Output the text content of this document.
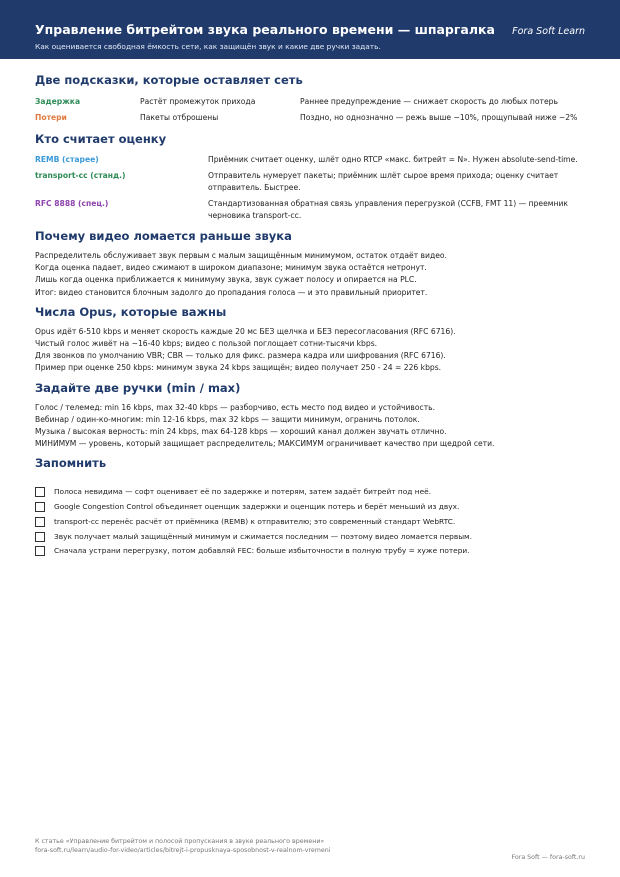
Управление битрейтом звука реального времени — шпаргалка
Как оценивается свободная ёмкость сети, как защищён звук и какие две ручки задать.
Fora Soft Learn
Две подсказки, которые оставляет сеть
Задержка	Растёт промежуток прихода	Раннее предупреждение — снижает скорость до любых потерь
Потери	Пакеты отброшены	Поздно, но однозначно — режь выше ~10%, прощупывай ниже ~2%
Кто считает оценку
REMB (старее)	Приёмник считает оценку, шлёт одно RTCP «макс. битрейт = N». Нужен absolute-send-time.
transport-cc (станд.)	Отправитель нумерует пакеты; приёмник шлёт сырое время прихода; оценку считает отправитель. Быстрее.
RFC 8888 (спец.)	Стандартизованная обратная связь управления перегрузкой (CCFB, FMT 11) — преемник черновика transport-cc.
Почему видео ломается раньше звука

Распределитель обслуживает звук первым с малым защищённым минимумом, остаток отдаёт видео.

Когда оценка падает, видео сжимают в широком диапазоне; минимум звука остаётся нетронут.

Лишь когда оценка приближается к минимуму звука, звук сужает полосу и опирается на PLC.

Итог: видео становится блочным задолго до пропадания голоса — и это правильный приоритет.

Числа Opus, которые важны

Opus идёт 6-510 kbps и меняет скорость каждые 20 мс БЕЗ щелчка и БЕЗ пересогласования (RFC 6716).

Чистый голос живёт на ~16-40 kbps; видео с пользой поглощает сотни-тысячи kbps.

Для звонков по умолчанию VBR; CBR — только для фикс. размера кадра или шифрования (RFC 6716).

Пример при оценке 250 kbps: минимум звука 24 kbps защищён; видео получает 250 - 24 = 226 kbps.

Задайте две ручки (min / max)

Голос / телемед: min 16 kbps, max 32-40 kbps — разборчиво, есть место под видео и устойчивость.

Вебинар / один-ко-многим: min 12-16 kbps, max 32 kbps — защити минимум, ограничь потолок.

Музыка / высокая верность: min 24 kbps, max 64-128 kbps — хороший канал должен звучать отлично.

МИНИМУМ — уровень, который защищает распределитель; МАКСИМУМ ограничивает качество при щедрой сети.

Запомнить
Полоса невидима — софт оценивает её по задержке и потерям, затем задаёт битрейт под неё.
Google Congestion Control объединяет оценщик задержки и оценщик потерь и берёт меньший из двух.
transport-cc перенёс расчёт от приёмника (REMB) к отправителю; это современный стандарт WebRTC.
Звук получает малый защищённый минимум и сжимается последним — поэтому видео ломается первым.
Сначала устрани перегрузку, потом добавляй FEC: больше избыточности в полную трубу = хуже потери.
К статье «Управление битрейтом и полосой пропускания в звуке реального времени»
fora-soft.ru/learn/audio-for-video/articles/bitrejt-i-propusknaya-sposobnost-v-realnom-vremeni
Fora Soft — fora-soft.ru
